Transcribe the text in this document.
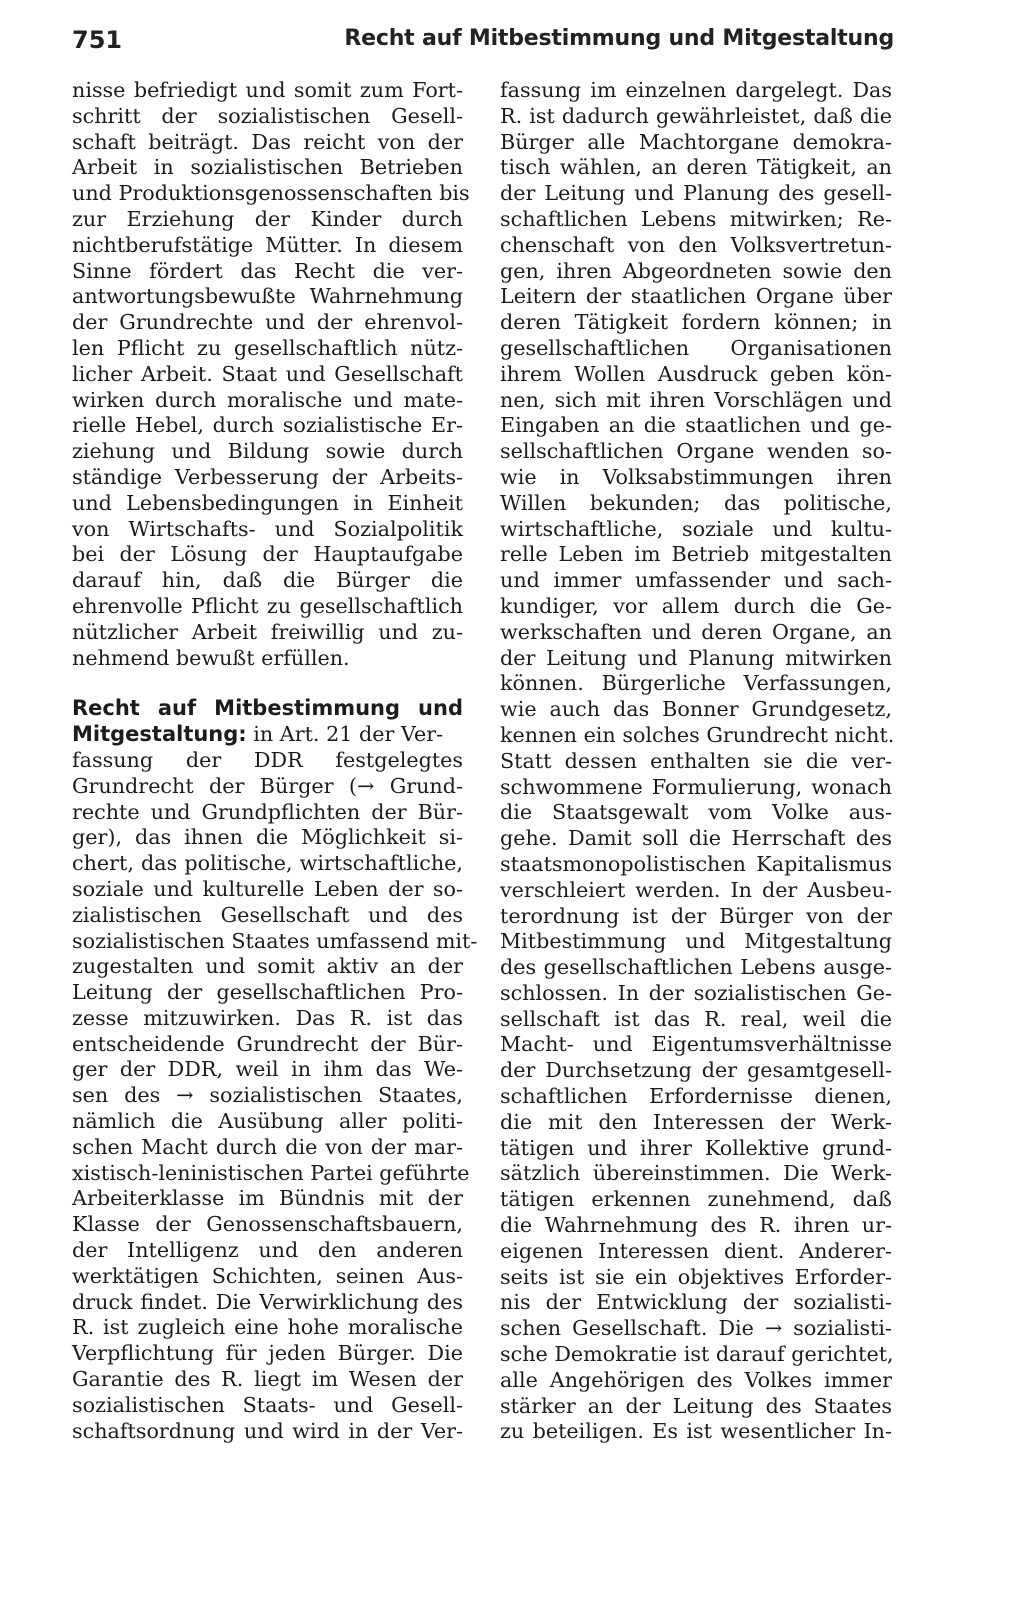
751	Recht auf Mitbestimmung und Mitgestaltung
nisse befriedigt und somit zum Fort-
schritt der sozialistischen Gesell-
schaft beiträgt. Das reicht von der
Arbeit in sozialistischen Betrieben
und Produktionsgenossenschaften bis
zur Erziehung der Kinder durch
nichtberufstätige Mütter. In diesem
Sinne fördert das Recht die ver-
antwortungsbewußte Wahrnehmung
der Grundrechte und der ehrenvol-
len Pflicht zu gesellschaftlich nütz-
licher Arbeit. Staat und Gesellschaft
wirken durch moralische und mate-
rielle Hebel, durch sozialistische Er-
ziehung und Bildung sowie durch
ständige Verbesserung der Arbeits-
und Lebensbedingungen in Einheit
von Wirtschafts- und Sozialpolitik
bei der Lösung der Hauptaufgabe
darauf hin, daß die Bürger die
ehrenvolle Pflicht zu gesellschaftlich
nützlicher Arbeit freiwillig und zu-
nehmend bewußt erfüllen.
Recht auf Mitbestimmung und
Mitgestaltung: in Art. 21 der Ver-
fassung der DDR festgelegtes
Grundrecht der Bürger (→ Grund-
rechte und Grundpflichten der Bür-
ger), das ihnen die Möglichkeit si-
chert, das politische, wirtschaftliche,
soziale und kulturelle Leben der so-
zialistischen Gesellschaft und des
sozialistischen Staates umfassend mit-
zugestalten und somit aktiv an der
Leitung der gesellschaftlichen Pro-
zesse mitzuwirken. Das R. ist das
entscheidende Grundrecht der Bür-
ger der DDR, weil in ihm das We-
sen des → sozialistischen Staates,
nämlich die Ausübung aller politi-
schen Macht durch die von der mar-
xistisch-leninistischen Partei geführte
Arbeiterklasse im Bündnis mit der
Klasse der Genossenschaftsbauern,
der Intelligenz und den anderen
werktätigen Schichten, seinen Aus-
druck findet. Die Verwirklichung des
R. ist zugleich eine hohe moralische
Verpflichtung für jeden Bürger. Die
Garantie des R. liegt im Wesen der
sozialistischen Staats- und Gesell-
schaftsordnung und wird in der Ver-
fassung im einzelnen dargelegt. Das
R. ist dadurch gewährleistet, daß die
Bürger alle Machtorgane demokra-
tisch wählen, an deren Tätigkeit, an
der Leitung und Planung des gesell-
schaftlichen Lebens mitwirken; Re-
chenschaft von den Volksvertretun-
gen, ihren Abgeordneten sowie den
Leitern der staatlichen Organe über
deren Tätigkeit fordern können; in
gesellschaftlichen Organisationen
ihrem Wollen Ausdruck geben kön-
nen, sich mit ihren Vorschlägen und
Eingaben an die staatlichen und ge-
sellschaftlichen Organe wenden so-
wie in Volksabstimmungen ihren
Willen bekunden; das politische,
wirtschaftliche, soziale und kultu-
relle Leben im Betrieb mitgestalten
und immer umfassender und sach-
kundiger, vor allem durch die Ge-
werkschaften und deren Organe, an
der Leitung und Planung mitwirken
können. Bürgerliche Verfassungen,
wie auch das Bonner Grundgesetz,
kennen ein solches Grundrecht nicht.
Statt dessen enthalten sie die ver-
schwommene Formulierung, wonach
die Staatsgewalt vom Volke aus-
gehe. Damit soll die Herrschaft des
staatsmonopolistischen Kapitalismus
verschleiert werden. In der Ausbeu-
terordnung ist der Bürger von der
Mitbestimmung und Mitgestaltung
des gesellschaftlichen Lebens ausge-
schlossen. In der sozialistischen Ge-
sellschaft ist das R. real, weil die
Macht- und Eigentumsverhältnisse
der Durchsetzung der gesamtgesell-
schaftlichen Erfordernisse dienen,
die mit den Interessen der Werk-
tätigen und ihrer Kollektive grund-
sätzlich übereinstimmen. Die Werk-
tätigen erkennen zunehmend, daß
die Wahrnehmung des R. ihren ur-
eigenen Interessen dient. Anderer-
seits ist sie ein objektives Erforder-
nis der Entwicklung der sozialisti-
schen Gesellschaft. Die → sozialisti-
sche Demokratie ist darauf gerichtet,
alle Angehörigen des Volkes immer
stärker an der Leitung des Staates
zu beteiligen. Es ist wesentlicher In-
